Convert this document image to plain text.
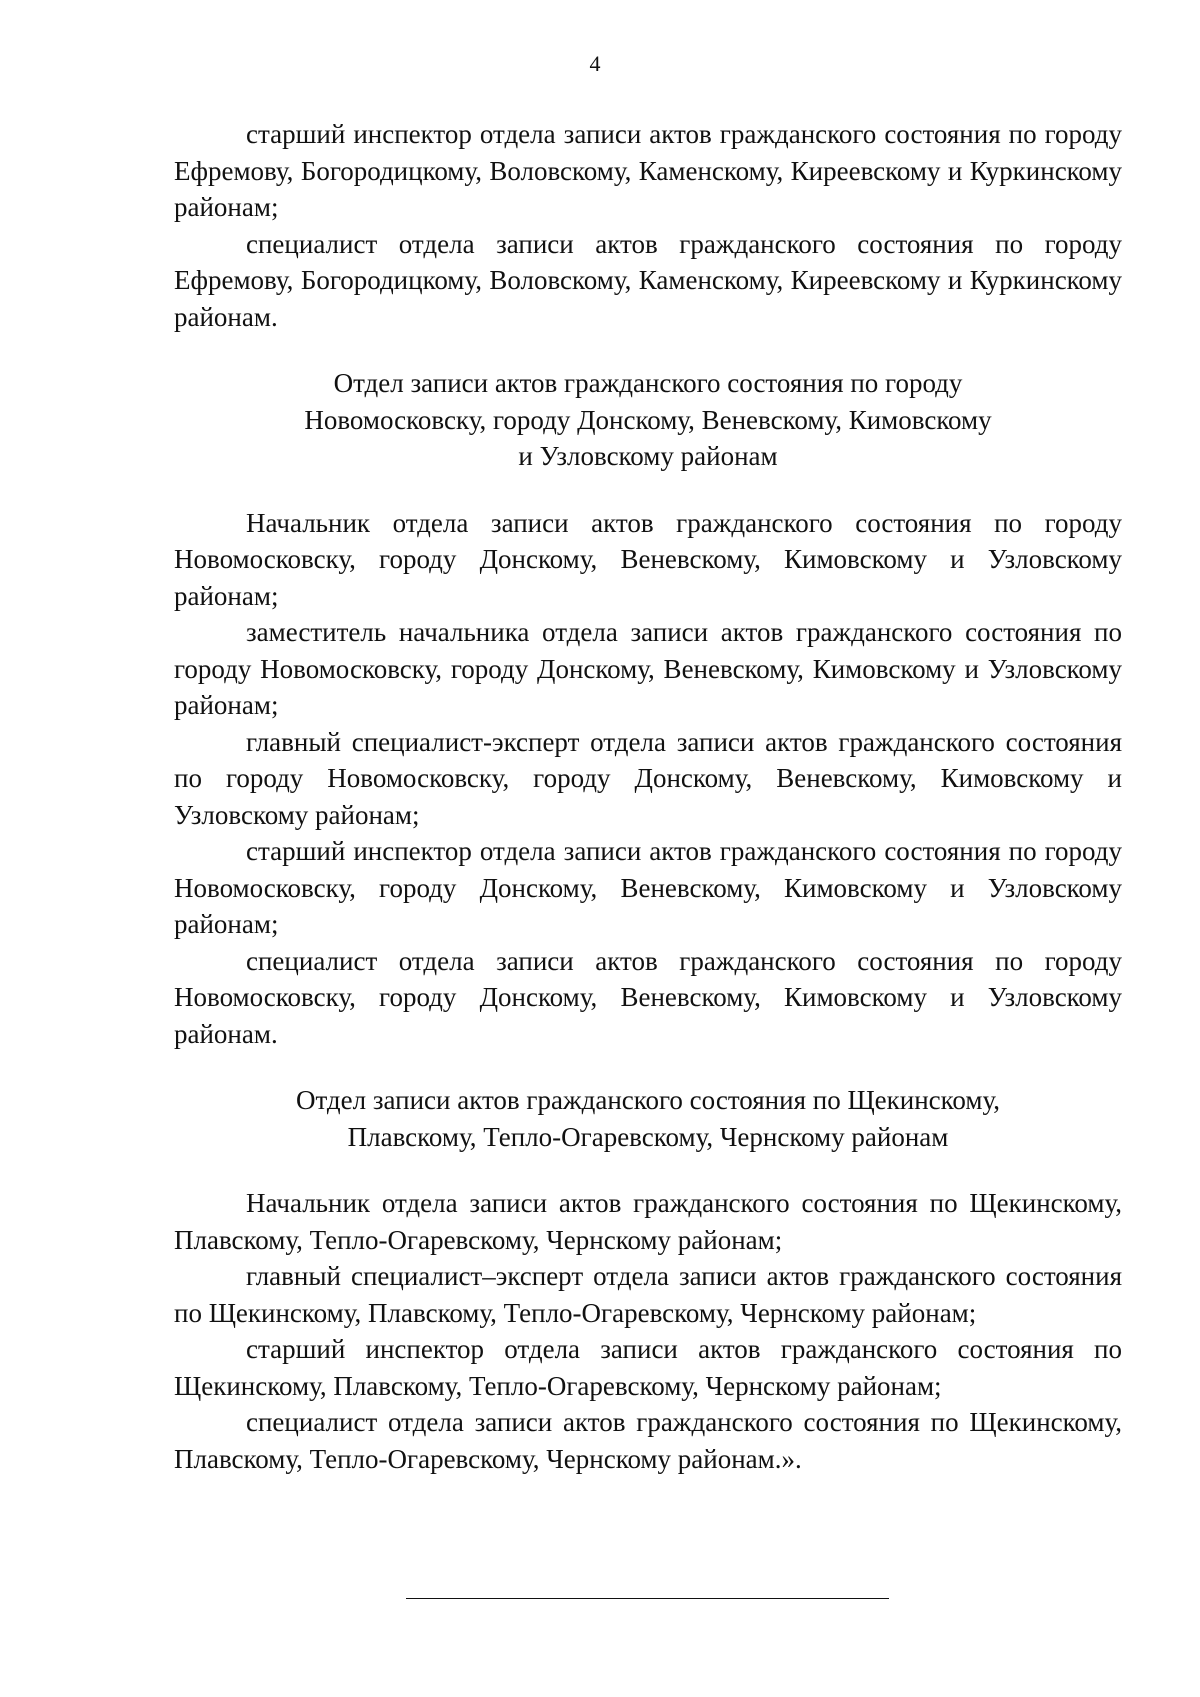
4

старший инспектор отдела записи актов гражданского состояния по городу Ефремову, Богородицкому, Воловскому, Каменскому, Киреевскому и Куркинскому районам;

специалист отдела записи актов гражданского состояния по городу Ефремову, Богородицкому, Воловскому, Каменскому, Киреевскому и Куркинскому районам.

Отдел записи актов гражданского состояния по городу
Новомосковску, городу Донскому, Веневскому, Кимовскому
и Узловскому районам

Начальник отдела записи актов гражданского состояния по городу Новомосковску, городу Донскому, Веневскому, Кимовскому и Узловскому районам;

заместитель начальника отдела записи актов гражданского состояния по городу Новомосковску, городу Донскому, Веневскому, Кимовскому и Узловскому районам;

главный специалист-эксперт отдела записи актов гражданского состояния по городу Новомосковску, городу Донскому, Веневскому, Кимовскому и Узловскому районам;

старший инспектор отдела записи актов гражданского состояния по городу Новомосковску, городу Донскому, Веневскому, Кимовскому и Узловскому районам;

специалист отдела записи актов гражданского состояния по городу Новомосковску, городу Донскому, Веневскому, Кимовскому и Узловскому районам.

Отдел записи актов гражданского состояния по Щекинскому,
Плавскому, Тепло-Огаревскому, Чернскому районам

Начальник отдела записи актов гражданского состояния по Щекинскому, Плавскому, Тепло-Огаревскому, Чернскому районам;

главный специалист–эксперт отдела записи актов гражданского состояния по Щекинскому, Плавскому, Тепло-Огаревскому, Чернскому районам;

старший инспектор отдела записи актов гражданского состояния по Щекинскому, Плавскому, Тепло-Огаревскому, Чернскому районам;

специалист отдела записи актов гражданского состояния по Щекинскому, Плавскому, Тепло-Огаревскому, Чернскому районам.».
